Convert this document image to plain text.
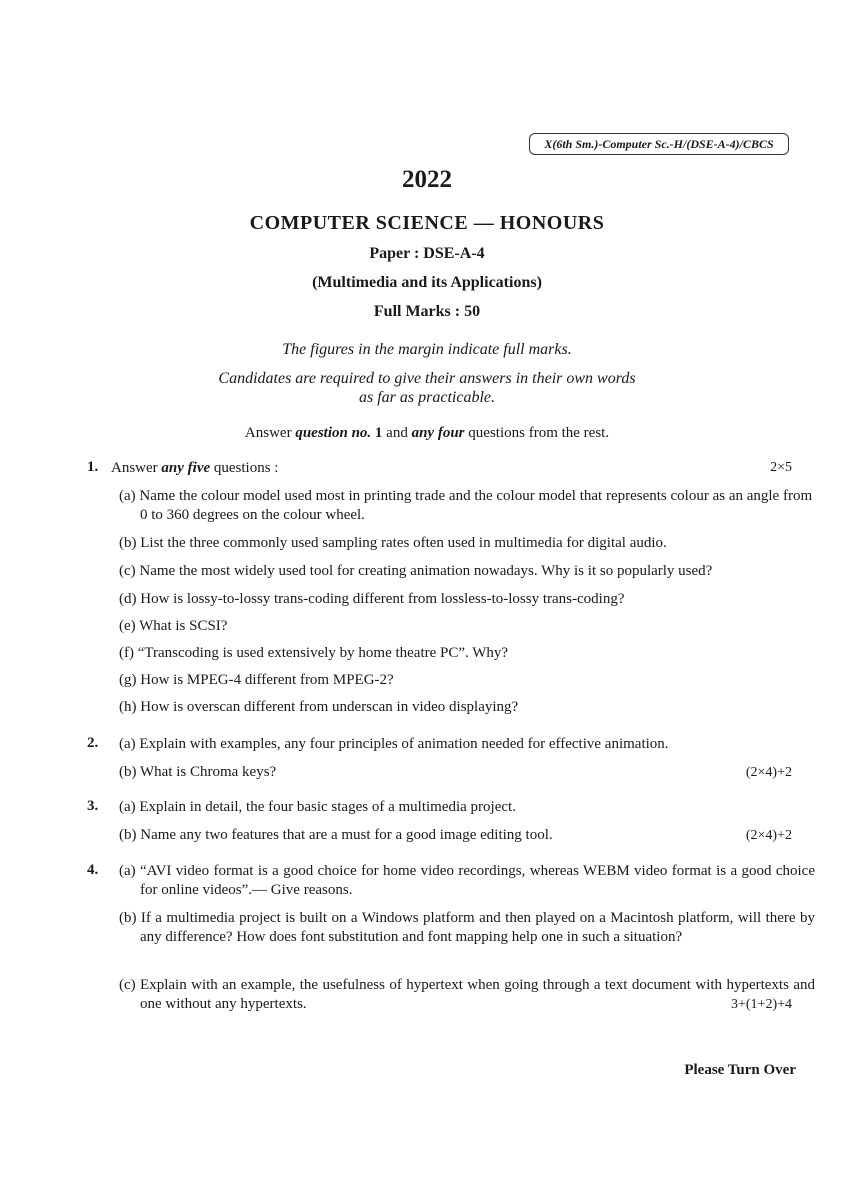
X(6th Sm.)-Computer Sc.-H/(DSE-A-4)/CBCS
2022
COMPUTER SCIENCE — HONOURS
Paper : DSE-A-4
(Multimedia and its Applications)
Full Marks : 50
The figures in the margin indicate full marks.
Candidates are required to give their answers in their own words
as far as practicable.
Answer question no. 1 and any four questions from the rest.
1. Answer any five questions :	2×5
(a) Name the colour model used most in printing trade and the colour model that represents colour as an angle from 0 to 360 degrees on the colour wheel.
(b) List the three commonly used sampling rates often used in multimedia for digital audio.
(c) Name the most widely used tool for creating animation nowadays. Why is it so popularly used?
(d) How is lossy-to-lossy trans-coding different from lossless-to-lossy trans-coding?
(e) What is SCSI?
(f) “Transcoding is used extensively by home theatre PC”. Why?
(g) How is MPEG-4 different from MPEG-2?
(h) How is overscan different from underscan in video displaying?
2. (a) Explain with examples, any four principles of animation needed for effective animation.
(b) What is Chroma keys?	(2×4)+2
3. (a) Explain in detail, the four basic stages of a multimedia project.
(b) Name any two features that are a must for a good image editing tool.	(2×4)+2
4. (a) “AVI video format is a good choice for home video recordings, whereas WEBM video format is a good choice for online videos”.— Give reasons.
(b) If a multimedia project is built on a Windows platform and then played on a Macintosh platform, will there by any difference? How does font substitution and font mapping help one in such a situation?
(c) Explain with an example, the usefulness of hypertext when going through a text document with hypertexts and one without any hypertexts.	3+(1+2)+4
Please Turn Over
